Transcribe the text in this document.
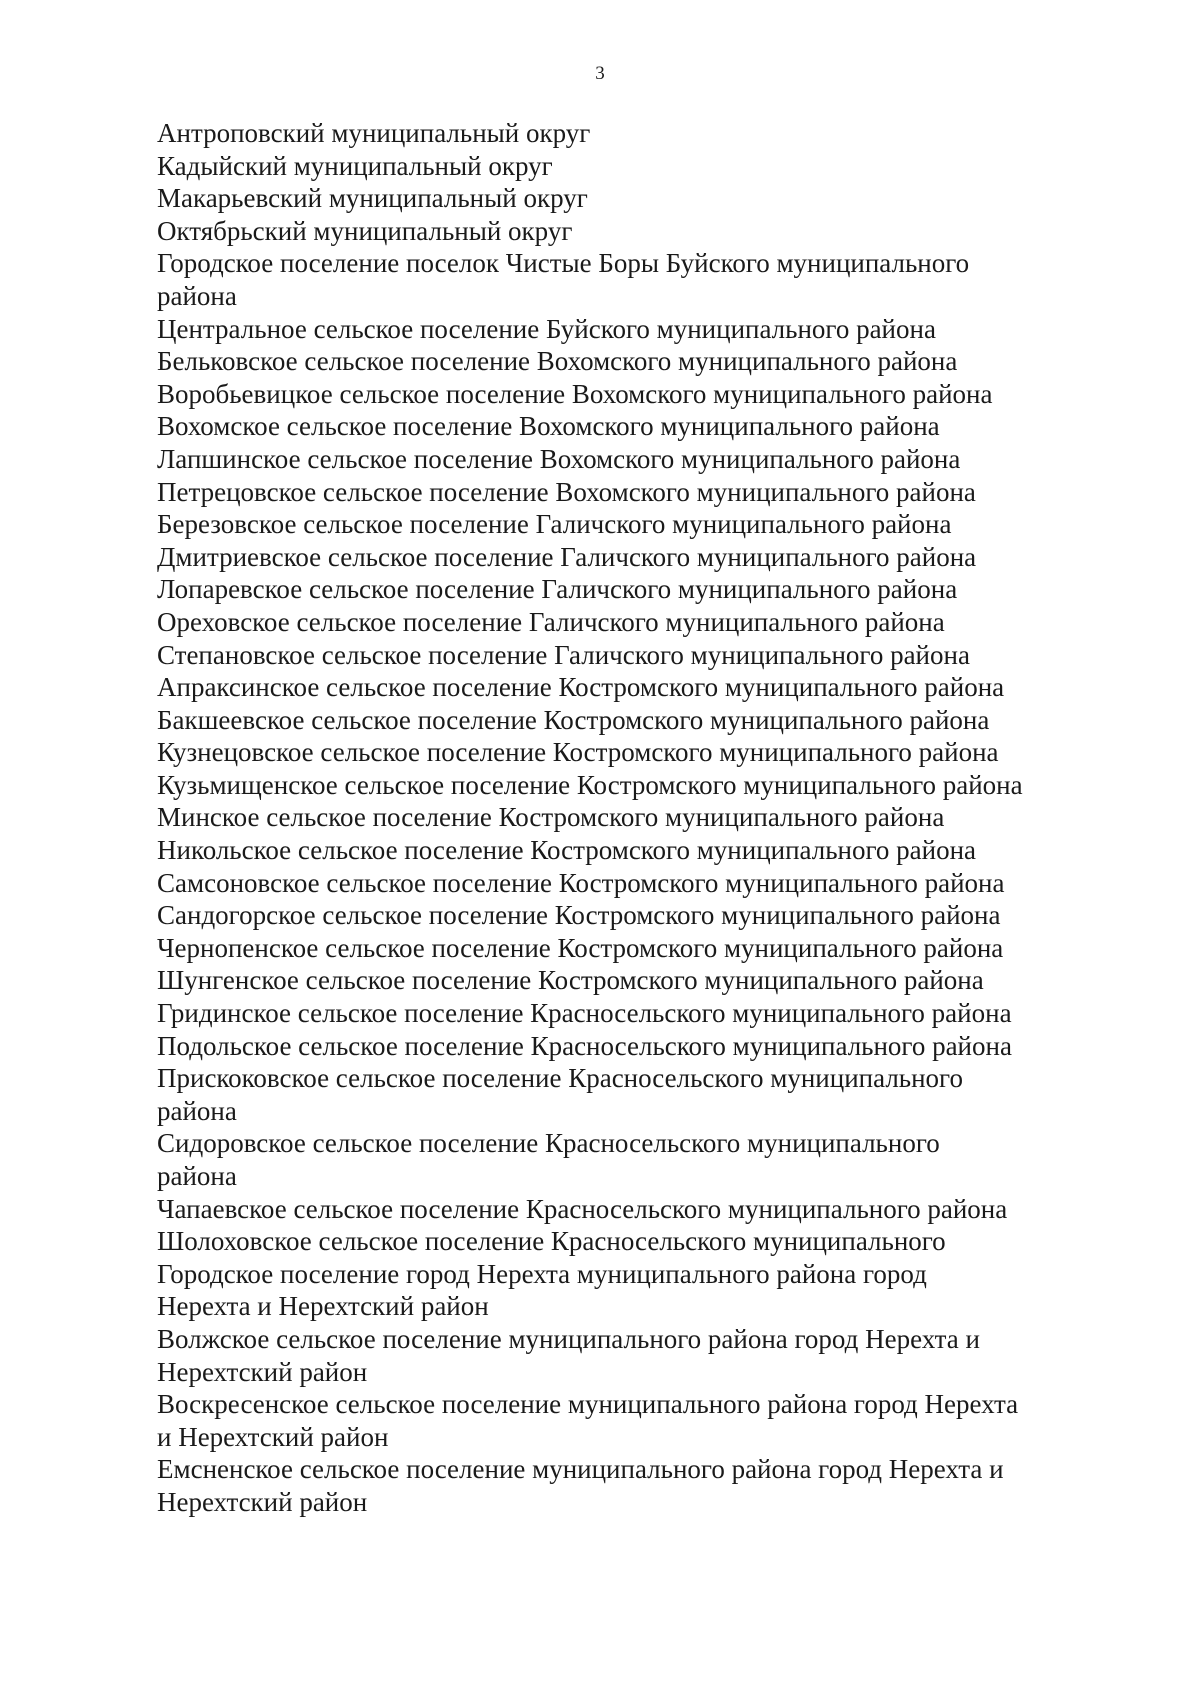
3
Антроповский муниципальный округ
Кадыйский муниципальный округ
Макарьевский муниципальный округ
Октябрьский муниципальный округ
Городское поселение поселок Чистые Боры Буйского муниципального
района
Центральное сельское поселение Буйского муниципального района
Бельковское сельское поселение Вохомского муниципального района
Воробьевицкое сельское поселение Вохомского муниципального района
Вохомское сельское поселение Вохомского муниципального района
Лапшинское сельское поселение Вохомского муниципального района
Петрецовское сельское поселение Вохомского муниципального района
Березовское сельское поселение Галичского муниципального района
Дмитриевское сельское поселение Галичского муниципального района
Лопаревское сельское поселение Галичского муниципального района
Ореховское сельское поселение Галичского муниципального района
Степановское сельское поселение Галичского муниципального района
Апраксинское сельское поселение Костромского муниципального района
Бакшеевское сельское поселение Костромского муниципального района
Кузнецовское сельское поселение Костромского муниципального района
Кузьмищенское сельское поселение Костромского муниципального района
Минское сельское поселение Костромского муниципального района
Никольское сельское поселение Костромского муниципального района
Самсоновское сельское поселение Костромского муниципального района
Сандогорское сельское поселение Костромского муниципального района
Чернопенское сельское поселение Костромского муниципального района
Шунгенское сельское поселение Костромского муниципального района
Гридинское сельское поселение Красносельского муниципального района
Подольское сельское поселение Красносельского муниципального района
Прискоковское сельское поселение Красносельского муниципального
района
Сидоровское сельское поселение Красносельского муниципального
района
Чапаевское сельское поселение Красносельского муниципального района
Шолоховское сельское поселение Красносельского муниципального
Городское поселение город Нерехта муниципального района город
Нерехта и Нерехтский район
Волжское сельское поселение муниципального района город Нерехта и
Нерехтский район
Воскресенское сельское поселение муниципального района город Нерехта
и Нерехтский район
Емсненское сельское поселение муниципального района город Нерехта и
Нерехтский район
